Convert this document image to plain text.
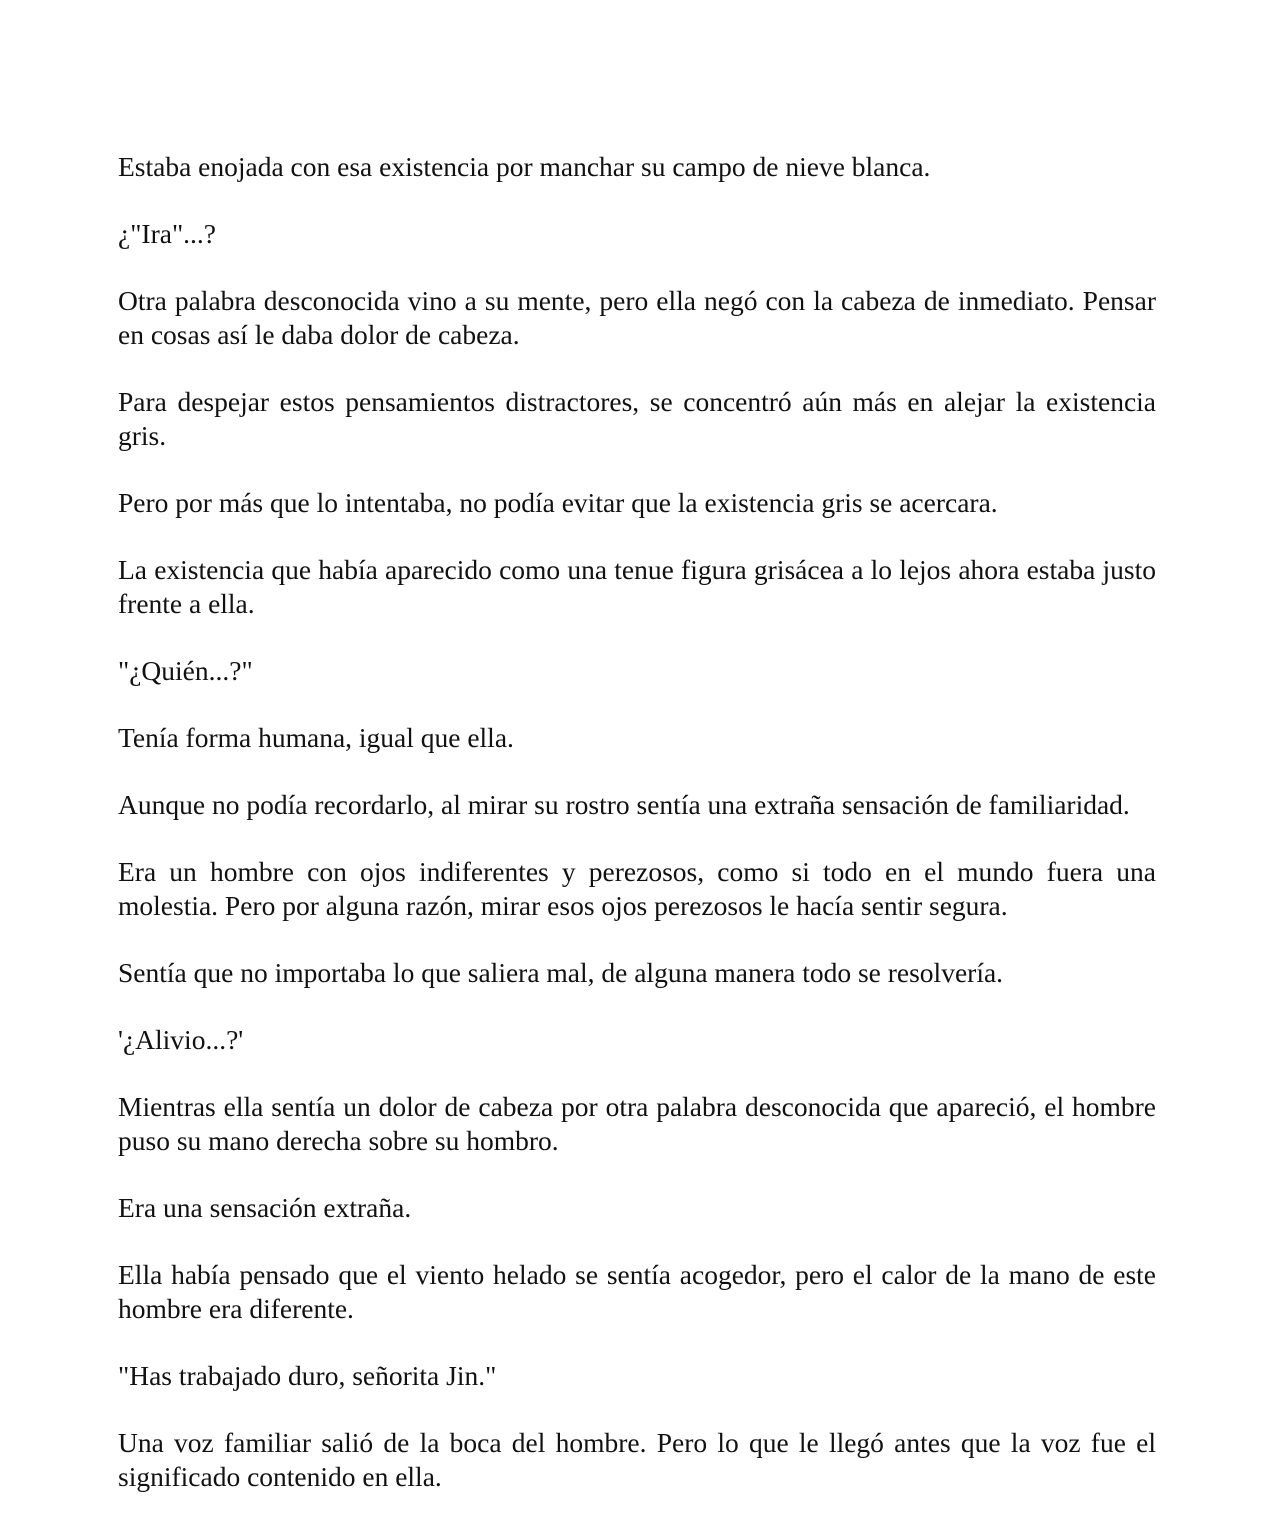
Estaba enojada con esa existencia por manchar su campo de nieve blanca.

¿"Ira"...?

Otra palabra desconocida vino a su mente, pero ella negó con la cabeza de inmediato. Pensar en cosas así le daba dolor de cabeza.

Para despejar estos pensamientos distractores, se concentró aún más en alejar la existencia gris.

Pero por más que lo intentaba, no podía evitar que la existencia gris se acercara.

La existencia que había aparecido como una tenue figura grisácea a lo lejos ahora estaba justo frente a ella.

"¿Quién...?"

Tenía forma humana, igual que ella.

Aunque no podía recordarlo, al mirar su rostro sentía una extraña sensación de familiaridad.

Era un hombre con ojos indiferentes y perezosos, como si todo en el mundo fuera una molestia. Pero por alguna razón, mirar esos ojos perezosos le hacía sentir segura.

Sentía que no importaba lo que saliera mal, de alguna manera todo se resolvería.

'¿Alivio...?'

Mientras ella sentía un dolor de cabeza por otra palabra desconocida que apareció, el hombre puso su mano derecha sobre su hombro.

Era una sensación extraña.

Ella había pensado que el viento helado se sentía acogedor, pero el calor de la mano de este hombre era diferente.

"Has trabajado duro, señorita Jin."

Una voz familiar salió de la boca del hombre. Pero lo que le llegó antes que la voz fue el significado contenido en ella.
